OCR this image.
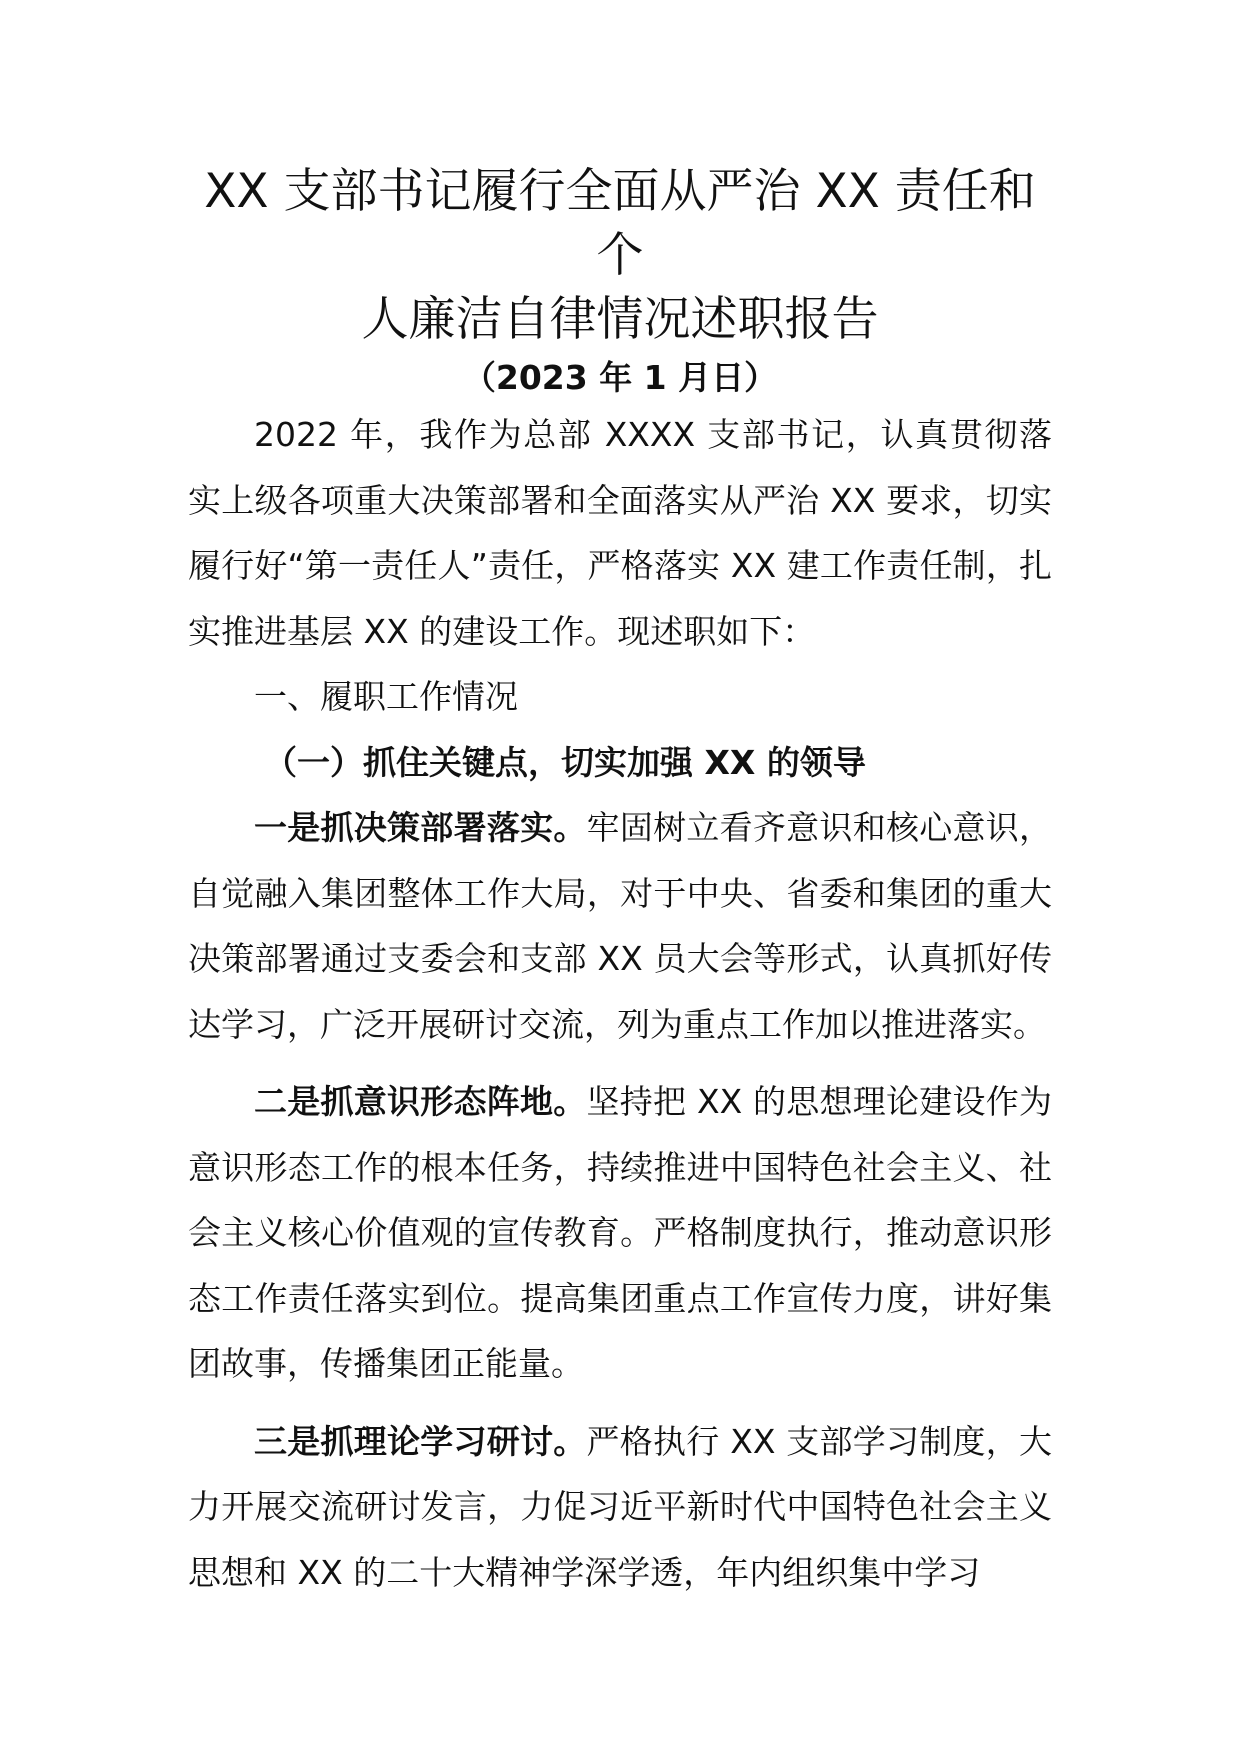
XX 支部书记履行全面从严治 XX 责任和个
人廉洁自律情况述职报告

（2023 年 1 月日）

2022 年，我作为总部 XXXX 支部书记，认真贯彻落实上级各项重大决策部署和全面落实从严治 XX 要求，切实履行好“第一责任人”责任，严格落实 XX 建工作责任制，扎实推进基层 XX 的建设工作。现述职如下：

一、履职工作情况

（一）抓住关键点，切实加强 XX 的领导

一是抓决策部署落实。牢固树立看齐意识和核心意识，自觉融入集团整体工作大局，对于中央、省委和集团的重大决策部署通过支委会和支部 XX 员大会等形式，认真抓好传达学习，广泛开展研讨交流，列为重点工作加以推进落实。

二是抓意识形态阵地。坚持把 XX 的思想理论建设作为意识形态工作的根本任务，持续推进中国特色社会主义、社会主义核心价值观的宣传教育。严格制度执行，推动意识形态工作责任落实到位。提高集团重点工作宣传力度，讲好集团故事，传播集团正能量。

三是抓理论学习研讨。严格执行 XX 支部学习制度，大力开展交流研讨发言，力促习近平新时代中国特色社会主义思想和 XX 的二十大精神学深学透，年内组织集中学习
